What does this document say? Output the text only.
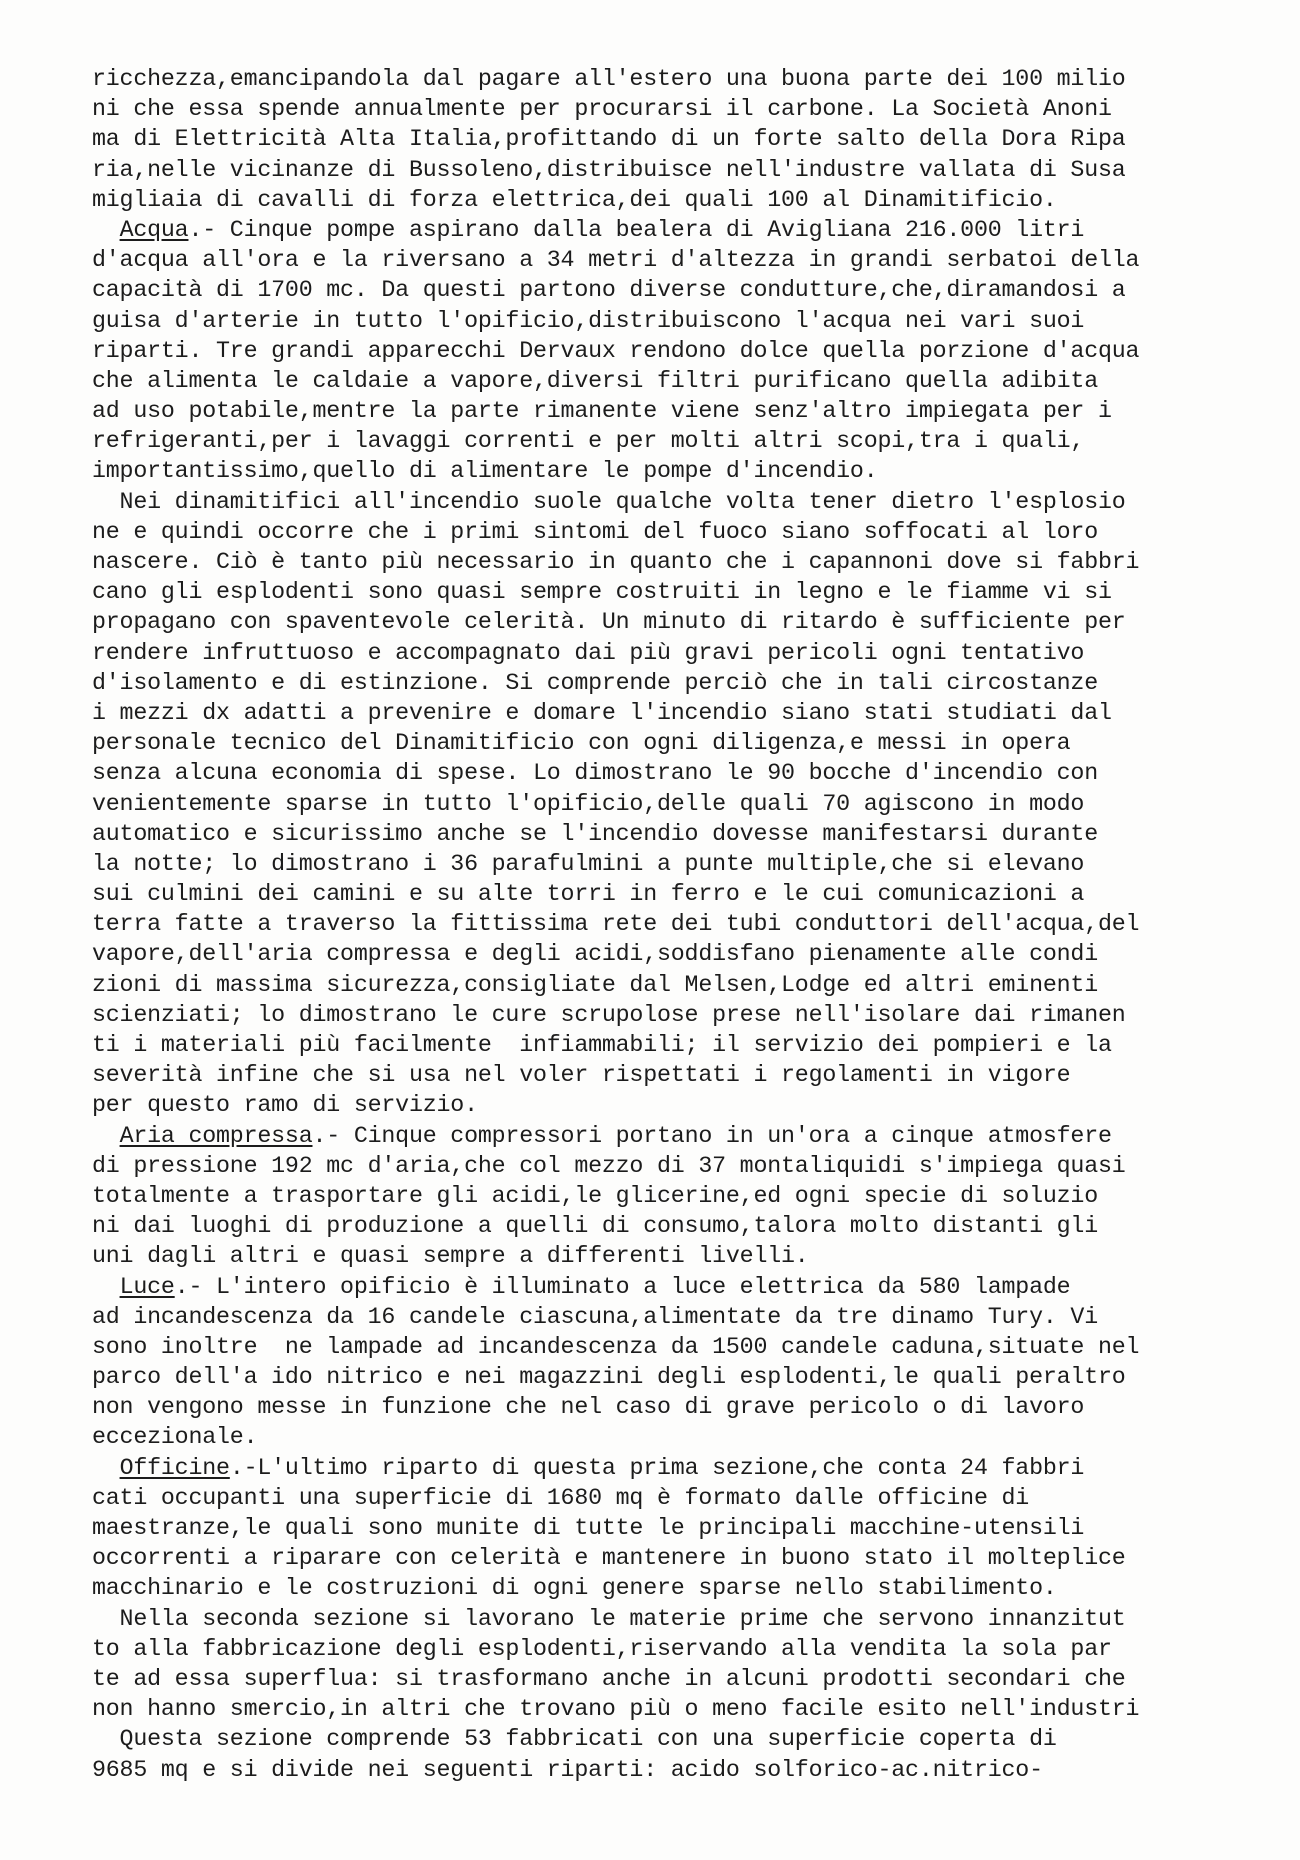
ricchezza,emancipandola dal pagare all'estero una buona parte dei 100 milio
ni che essa spende annualmente per procurarsi il carbone. La Società Anoni
ma di Elettricità Alta Italia,profittando di un forte salto della Dora Ripa
ria,nelle vicinanze di Bussoleno,distribuisce nell'industre vallata di Susa
migliaia di cavalli di forza elettrica,dei quali 100 al Dinamitificio.
Acqua.- Cinque pompe aspirano dalla bealera di Avigliana 216.000 litri
d'acqua all'ora e la riversano a 34 metri d'altezza in grandi serbatoi della
capacità di 1700 mc. Da questi partono diverse condutture,che,diramandosi a
guisa d'arterie in tutto l'opificio,distribuiscono l'acqua nei vari suoi
riparti. Tre grandi apparecchi Dervaux rendono dolce quella porzione d'acqua
che alimenta le caldaie a vapore,diversi filtri purificano quella adibita
ad uso potabile,mentre la parte rimanente viene senz'altro impiegata per i
refrigeranti,per i lavaggi correnti e per molti altri scopi,tra i quali,
importantissimo,quello di alimentare le pompe d'incendio.
Nei dinamitifici all'incendio suole qualche volta tener dietro l'esplosio
ne e quindi occorre che i primi sintomi del fuoco siano soffocati al loro
nascere. Ciò è tanto più necessario in quanto che i capannoni dove si fabbri
cano gli esplodenti sono quasi sempre costruiti in legno e le fiamme vi si
propagano con spaventevole celerità. Un minuto di ritardo è sufficiente per
rendere infruttuoso e accompagnato dai più gravi pericoli ogni tentativo
d'isolamento e di estinzione. Si comprende perciò che in tali circostanze
i mezzi dx adatti a prevenire e domare l'incendio siano stati studiati dal
personale tecnico del Dinamitificio con ogni diligenza,e messi in opera
senza alcuna economia di spese. Lo dimostrano le 90 bocche d'incendio con
venientemente sparse in tutto l'opificio,delle quali 70 agiscono in modo
automatico e sicurissimo anche se l'incendio dovesse manifestarsi durante
la notte; lo dimostrano i 36 parafulmini a punte multiple,che si elevano
sui culmini dei camini e su alte torri in ferro e le cui comunicazioni a
terra fatte a traverso la fittissima rete dei tubi conduttori dell'acqua,del
vapore,dell'aria compressa e degli acidi,soddisfano pienamente alle condi
zioni di massima sicurezza,consigliate dal Melsen,Lodge ed altri eminenti
scienziati; lo dimostrano le cure scrupolose prese nell'isolare dai rimanen
ti i materiali più facilmente  infiammabili; il servizio dei pompieri e la
severità infine che si usa nel voler rispettati i regolamenti in vigore
per questo ramo di servizio.
Aria compressa.- Cinque compressori portano in un'ora a cinque atmosfere
di pressione 192 mc d'aria,che col mezzo di 37 montaliquidi s'impiega quasi
totalmente a trasportare gli acidi,le glicerine,ed ogni specie di soluzio
ni dai luoghi di produzione a quelli di consumo,talora molto distanti gli
uni dagli altri e quasi sempre a differenti livelli.
Luce.- L'intero opificio è illuminato a luce elettrica da 580 lampade
ad incandescenza da 16 candele ciascuna,alimentate da tre dinamo Tury. Vi
sono inoltre  ne lampade ad incandescenza da 1500 candele caduna,situate nel
parco dell'a ido nitrico e nei magazzini degli esplodenti,le quali peraltro
non vengono messe in funzione che nel caso di grave pericolo o di lavoro
eccezionale.
Officine.-L'ultimo riparto di questa prima sezione,che conta 24 fabbri
cati occupanti una superficie di 1680 mq è formato dalle officine di
maestranze,le quali sono munite di tutte le principali macchine-utensili
occorrenti a riparare con celerità e mantenere in buono stato il molteplice
macchinario e le costruzioni di ogni genere sparse nello stabilimento.
Nella seconda sezione si lavorano le materie prime che servono innanzitut
to alla fabbricazione degli esplodenti,riservando alla vendita la sola par
te ad essa superflua: si trasformano anche in alcuni prodotti secondari che
non hanno smercio,in altri che trovano più o meno facile esito nell'industri
Questa sezione comprende 53 fabbricati con una superficie coperta di
9685 mq e si divide nei seguenti riparti: acido solforico-ac.nitrico-
